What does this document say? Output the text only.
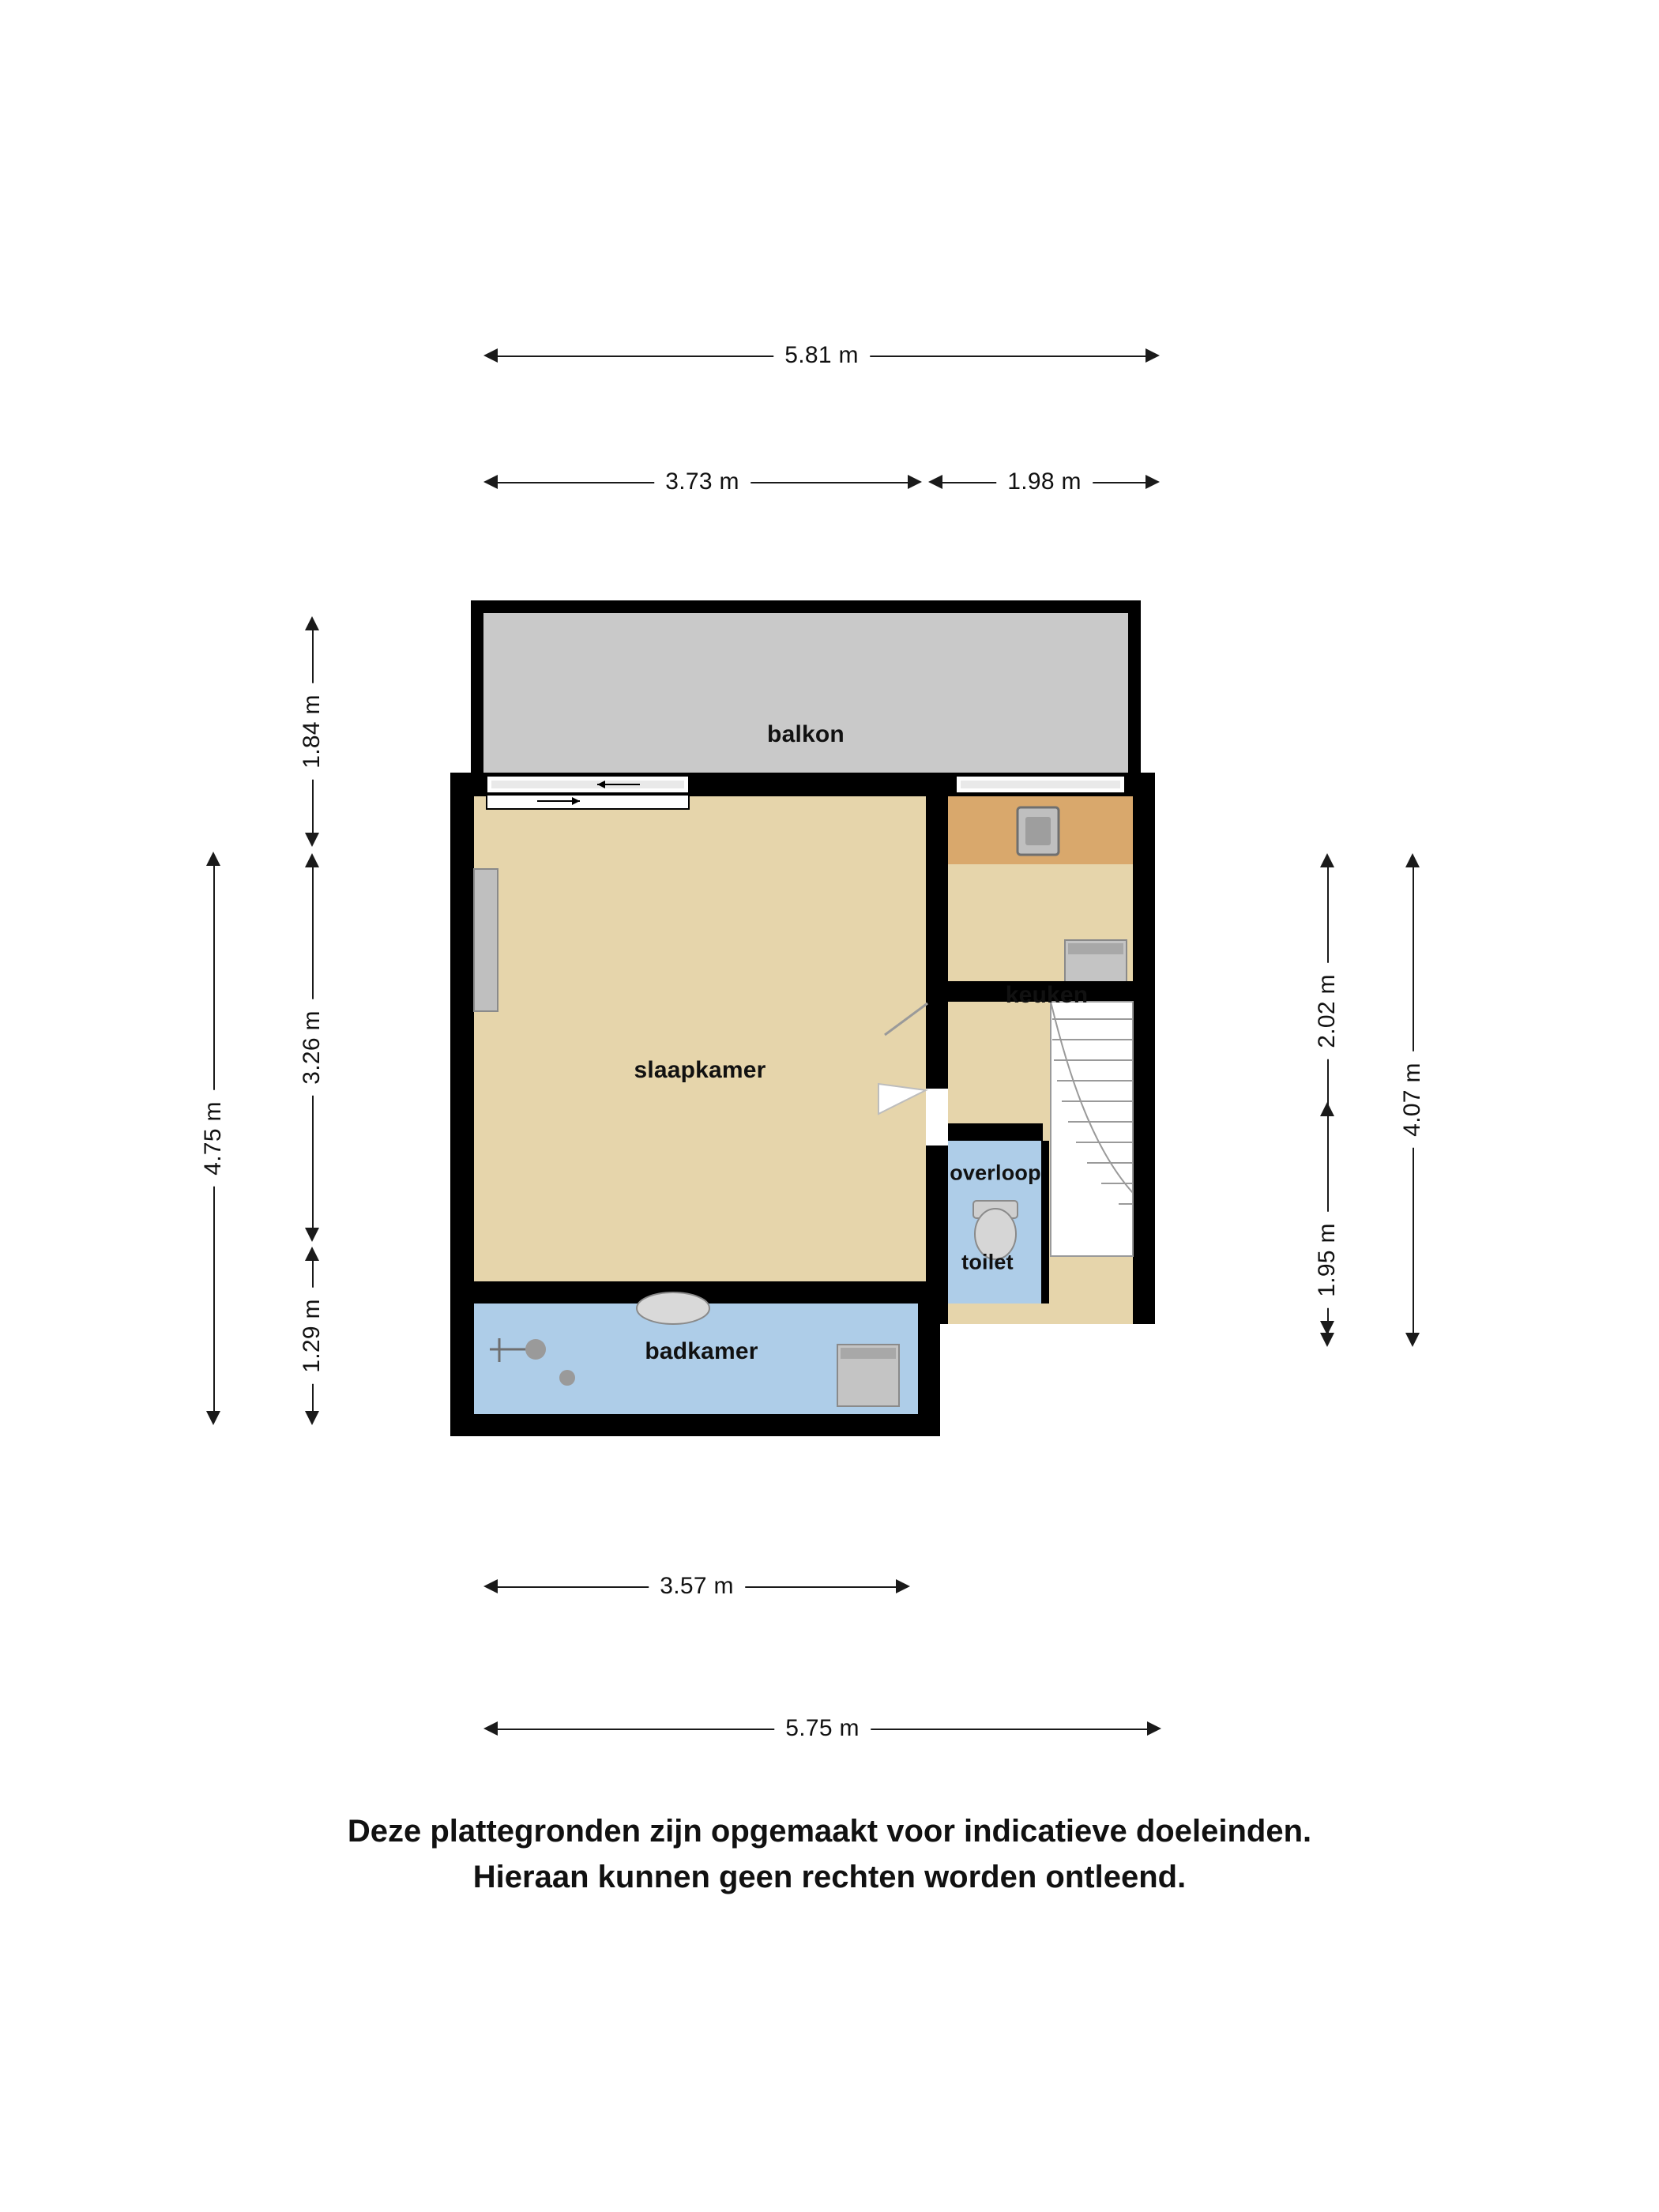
5.81 m
3.73 m	1.98 m
4.75 m
1.84 m
3.26 m
1.29 m
2.02 m
1.95 m
4.07 m
3.57 m
5.75 m
balkon
slaapkamer
keuken
overloop
toilet
badkamer
Deze plattegronden zijn opgemaakt voor indicatieve doeleinden.
Hieraan kunnen geen rechten worden ontleend.
